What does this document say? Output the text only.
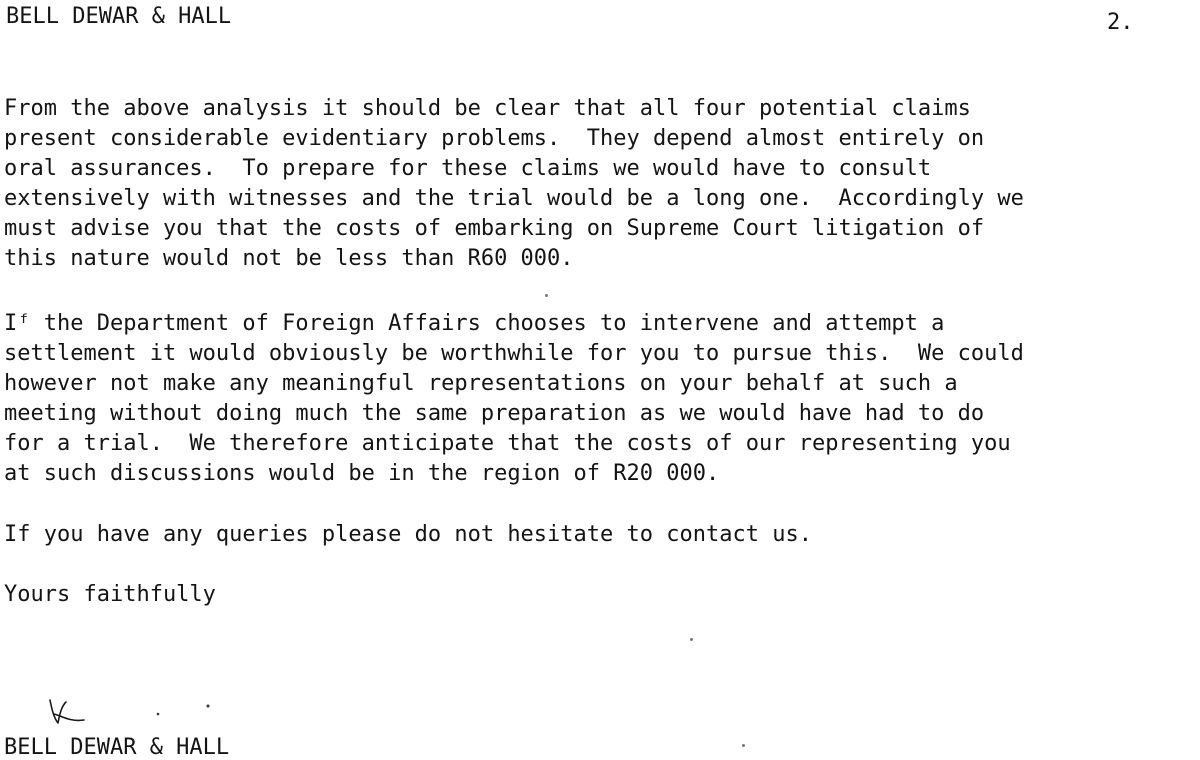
BELL DEWAR & HALL	2.
From the above analysis it should be clear that all four potential claims
present considerable evidentiary problems.  They depend almost entirely on
oral assurances.  To prepare for these claims we would have to consult
extensively with witnesses and the trial would be a long one.  Accordingly we
must advise you that the costs of embarking on Supreme Court litigation of
this nature would not be less than R60 000.
Iᶠ the Department of Foreign Affairs chooses to intervene and attempt a
settlement it would obviously be worthwhile for you to pursue this.  We could
however not make any meaningful representations on your behalf at such a
meeting without doing much the same preparation as we would have had to do
for a trial.  We therefore anticipate that the costs of our representing you
at such discussions would be in the region of R20 000.
If you have any queries please do not hesitate to contact us.
Yours faithfully
BELL DEWAR & HALL
